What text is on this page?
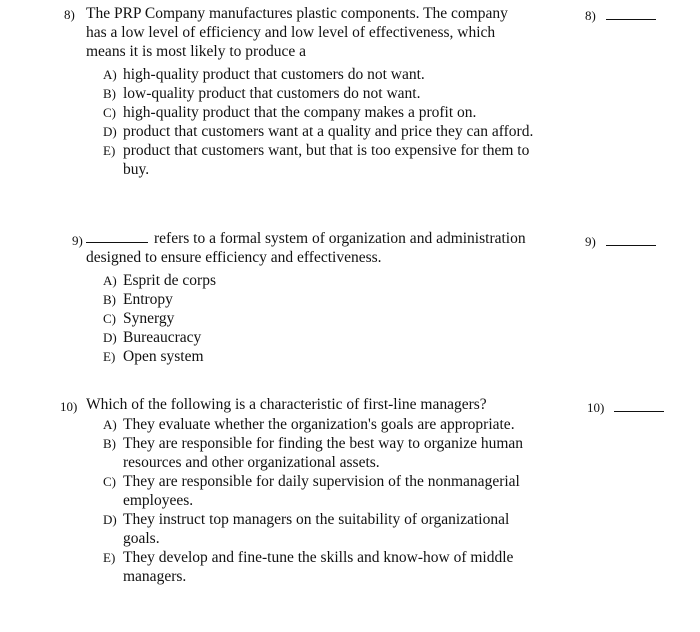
8) The PRP Company manufactures plastic components. The company has a low level of efficiency and low level of effectiveness, which means it is most likely to produce a
8)
A) high-quality product that customers do not want.
B) low-quality product that customers do not want.
C) high-quality product that the company makes a profit on.
D) product that customers want at a quality and price they can afford.
E) product that customers want, but that is too expensive for them to buy.
9)	refers to a formal system of organization and administration designed to ensure efficiency and effectiveness.
9)
A) Esprit de corps
B) Entropy
C) Synergy
D) Bureaucracy
E) Open system
10) Which of the following is a characteristic of first-line managers?	10)
A) They evaluate whether the organization's goals are appropriate.
B) They are responsible for finding the best way to organize human resources and other organizational assets.
C) They are responsible for daily supervision of the nonmanagerial employees.
D) They instruct top managers on the suitability of organizational goals.
E) They develop and fine-tune the skills and know-how of middle managers.
